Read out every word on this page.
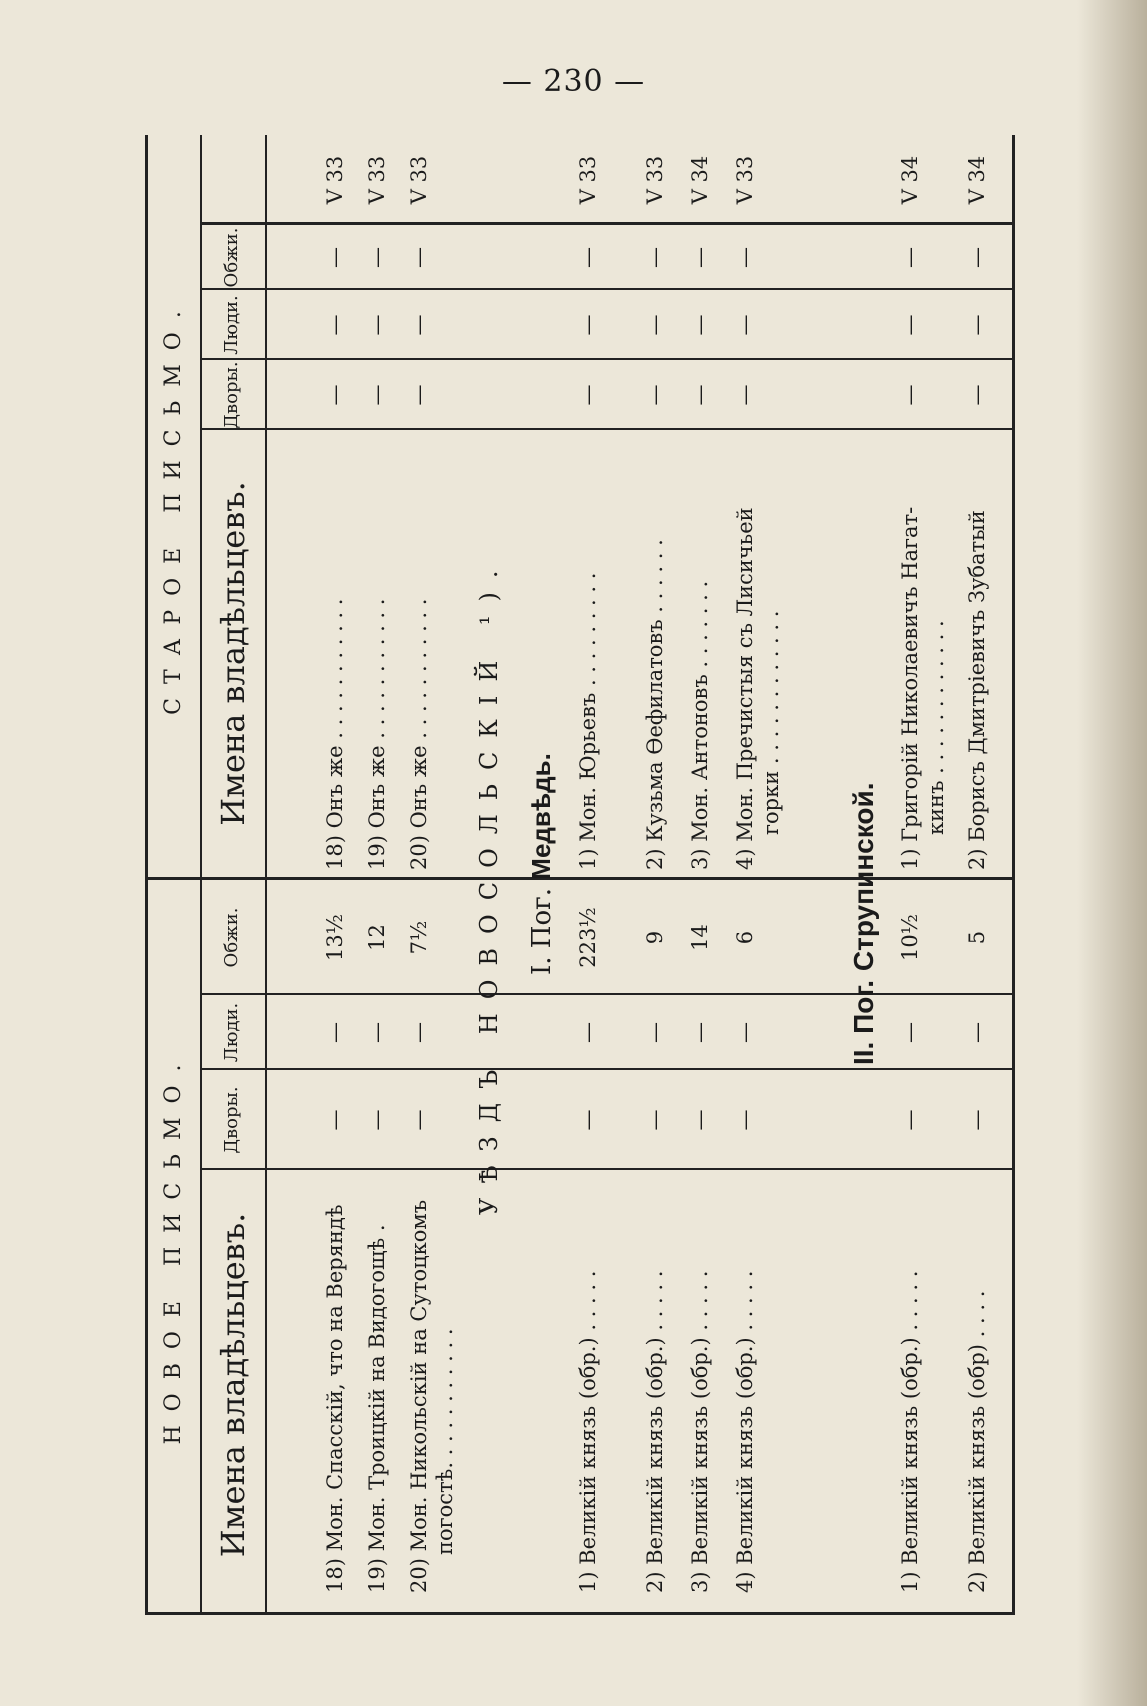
— 230 —
НОВОЕ ПИСЬМО.
СТАРОЕ ПИСЬМО.
Имена владѣльцевъ.
Дворы.
Люди.
Обжи.
Имена владѣльцевъ.
Дворы.
Люди.
Обжи.
УѢЗДЪ НОВОСОЛЬСКІЙ ¹). I. Пог. Медвѣдь.
II. Пог. Струпинской.
18) Мон. Спасскій, что на Веряндѣ
—
—
13½
18) Онъ же . . . . . . . . . . .
—
—
—
V 33
19) Мон. Троицкій на Видогощѣ .
—
—
12
19) Онъ же . . . . . . . . . . .
—
—
—
V 33
20) Мон. Никольскій на Сутоцкомъ
—
—
7½
20) Онъ же . . . . . . . . . . .
—
—
—
V 33
погостѣ. . . . . . . . . . .	1) Великій князь (обр.) . . . . .
—
—
223½
1) Мон. Юрьевъ . . . . . . . . .
—
—
—
V 33
2) Великій князь (обр.) . . . . .
—
—
9
2) Кузьма Ѳефилатовъ . . . . . .
—
—
—
V 33
3) Великій князь (обр.) . . . . .
—
—
14
3) Мон. Антоновъ . . . . . . .
—
—
—
V 34
4) Великій князь (обр.) . . . . .
—
—
6
4) Мон. Пречистыя съ Лисичьей
—
—
—
V 33
горки . . . . . . . . . . . .
1) Великій князь (обр.) . . . . .
—
—
10½
1) Григорій Николаевичъ Нагат-
—
—
—
V 34
кинъ . . . . . . . . . . . .
2) Великій князь (обр) . . . .
—
—
5
2) Борисъ Дмитріевичъ Зубатый
—
—
—
V 34
